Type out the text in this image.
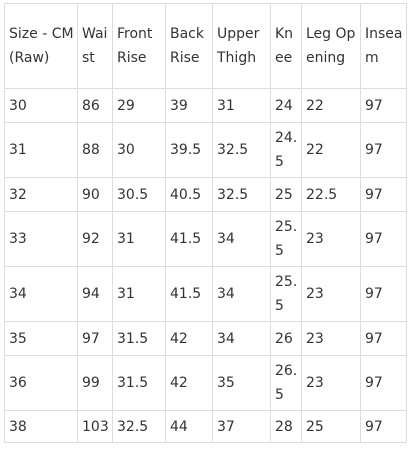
Size - CM (Raw)	Waist	Front Rise	Back Rise	Upper Thigh	Knee	Leg Opening	Inseam
30	86	29	39	31	24	22	97
31	88	30	39.5	32.5	24.5	22	97
32	90	30.5	40.5	32.5	25	22.5	97
33	92	31	41.5	34	25.5	23	97
34	94	31	41.5	34	25.5	23	97
35	97	31.5	42	34	26	23	97
36	99	31.5	42	35	26.5	23	97
38	103	32.5	44	37	28	25	97
